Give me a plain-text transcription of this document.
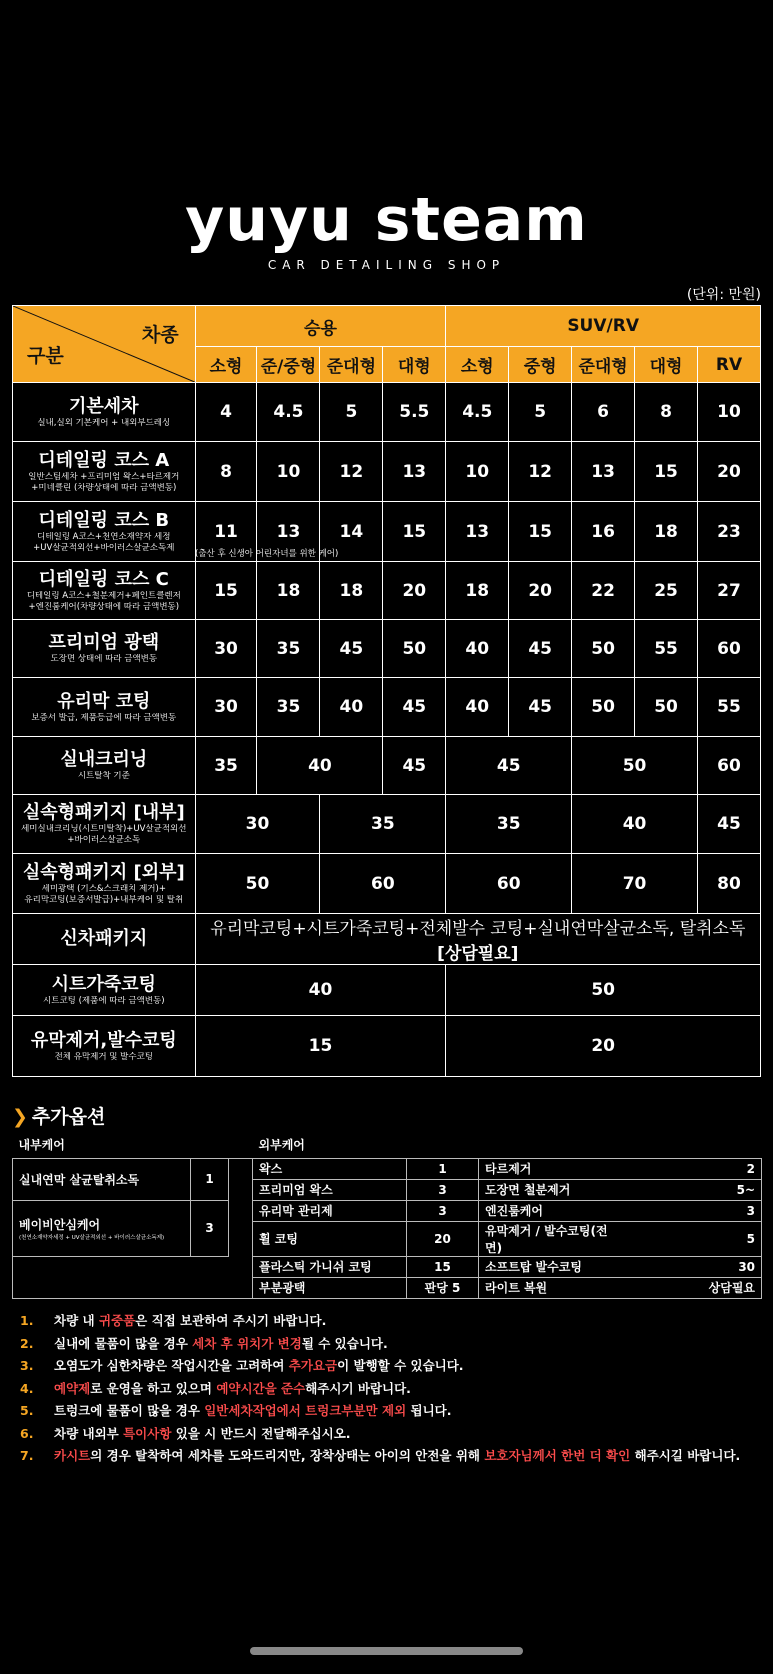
yuyu steam
CAR DETAILING SHOP
(단위: 만원)
차종
구분	승용				SUV/RV				
	소형	준/중형	준대형	대형	소형	중형	준대형	대형	RV

기본세차
실내,실외 기본케어 + 내외부드레싱	4	4.5	5	5.5	4.5	5	6	8	10

디테일링 코스 A
일반스팀세차 +프리미엄 왁스+타르제거
+미네클린 (차량상태에 따라 금액변동)	8	10	12	13	10	12	13	15	20

디테일링 코스 B
디테일링 A코스+천연소재약자 세정
+UV살균적외선+바이러스살균소독제	11	13	14	15	13	15	16	18	23

디테일링 코스 C
디테일링 A코스+철분제거+페인트클렌저
+엔진룸케어(차량상태에 따라 금액변동)	15	18	18	20	18	20	22	25	27

프리미엄 광택
도장면 상태에 따라 금액변동	30	35	45	50	40	45	50	55	60

유리막 코팅
보증서 발급, 제품등급에 따라 금액변동	30	35	40	45	40	45	50	50	55

실내크리닝
시트탈착 기준	35	40		45	45		50		60

실속형패키지 [내부]
세미실내크리닝(시트미탈착)+UV살균적외선
+바이러스살균소독	30		35		35		40		45

실속형패키지 [외부]
세미광택 (기스&스크래치 제거)+
유리막코팅(보증서발급)+내부케어 및 탈취	50		60		60		70		80

신차패키지	유리막코팅+시트가죽코팅+전체발수 코팅+실내연막살균소독, 탈취소독 [상담필요]								

시트가죽코팅
시트코팅 (제품에 따라 금액변동)	40				50				

유막제거,발수코팅
전체 유막제거 및 발수코팅	15				20				
(출산 후 신생아 어린자녀를 위한 케어)
❯ 추가옵션
내부케어			외부케어			
실내연막 살균탈취소독	1		왁스	1	타르제거	2
			프리미엄 왁스	3	도장면 철분제거	5~
베이비안심케어
(천연소재약자세정 + UV살균적외선 + 바이러스살균소독제)	3		유리막 관리제	3	엔진룸케어	3
			휠 코팅	20	유막제거 / 발수코팅(전면)	5
			플라스틱 가니쉬 코팅	15	소프트탑 발수코팅	30
			부분광택	판당 5	라이트 복원	상담필요
1. 차량 내 귀중품은 직접 보관하여 주시기 바랍니다.
2. 실내에 물품이 많을 경우 세차 후 위치가 변경될 수 있습니다.
3. 오염도가 심한차량은 작업시간을 고려하여 추가요금이 발행할 수 있습니다.
4. 예약제로 운영을 하고 있으며 예약시간을 준수해주시기 바랍니다.
5. 트렁크에 물품이 많을 경우 일반세차작업에서 트렁크부분만 제외 됩니다.
6. 차량 내외부 특이사항 있을 시 반드시 전달해주십시오.
7. 카시트의 경우 탈착하여 세차를 도와드리지만, 장착상태는 아이의 안전을 위해 보호자님께서 한번 더 확인 해주시길 바랍니다.
